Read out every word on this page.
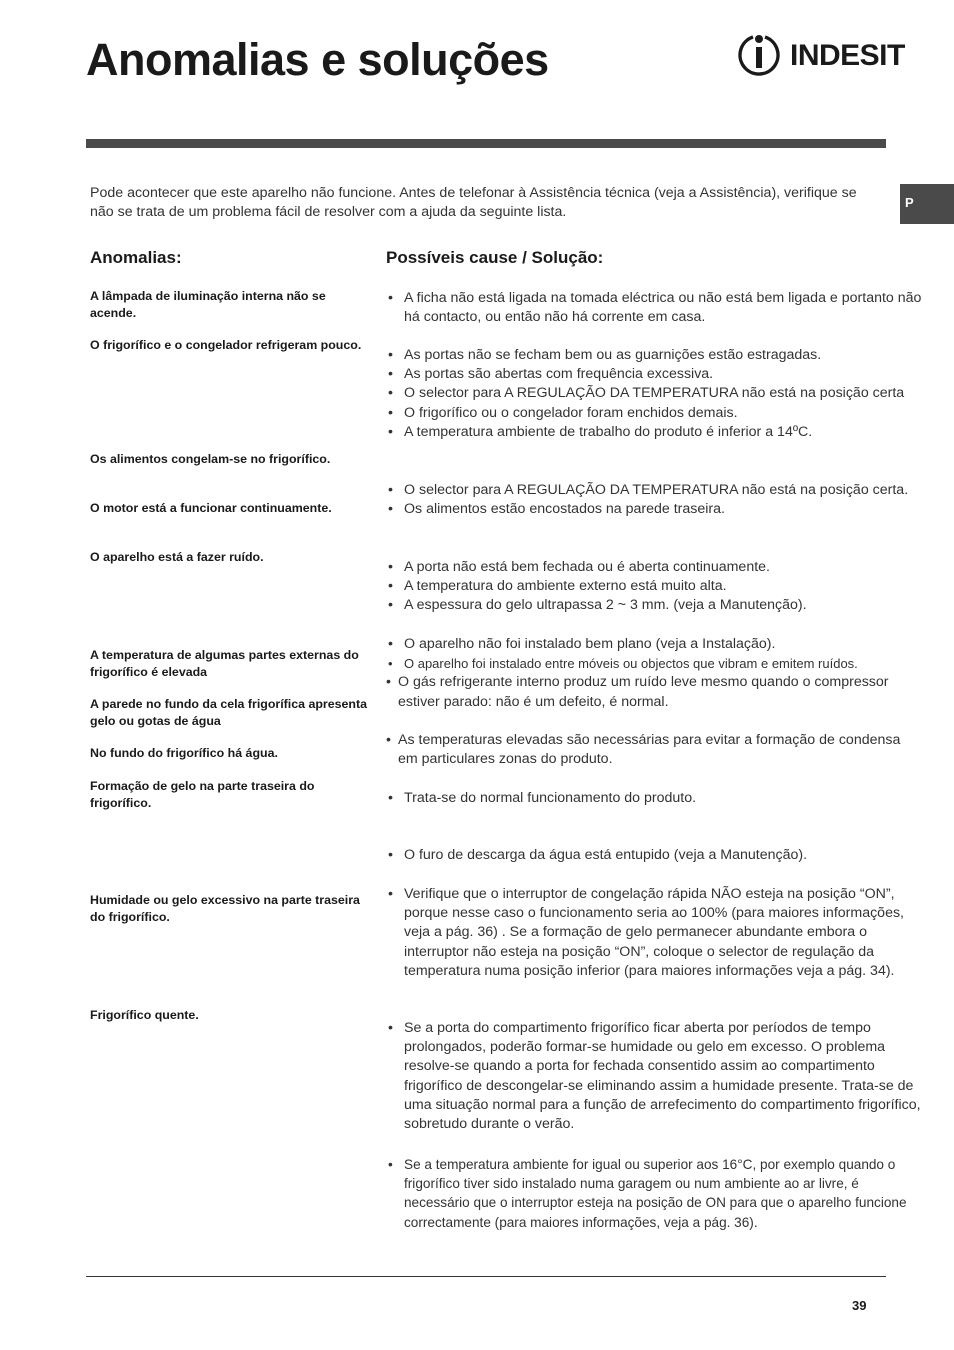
Anomalias e soluções	INDESIT
P

Pode acontecer que este aparelho não funcione. Antes de telefonar à Assistência técnica (veja a Assistência), verifique se não se trata de um problema fácil de resolver com a ajuda da seguinte lista.

Anomalias:	Possíveis cause / Solução:

A lâmpada de iluminação interna não se acende.

O frigorífico e o congelador refrigeram pouco.

Os alimentos congelam-se no frigorífico.

O motor está a funcionar continuamente.

O aparelho está a fazer ruído.

A temperatura de algumas partes externas do frigorífico é elevada

A parede no fundo da cela frigorífica apresenta gelo ou gotas de água

No fundo do frigorífico há água.

Formação de gelo na parte traseira do frigorífico.

Humidade ou gelo excessivo na parte traseira do frigorífico.

Frigorífico quente.

• A ficha não está ligada na tomada eléctrica ou não está bem ligada e portanto não há contacto, ou então não há corrente em casa.

• As portas não se fecham bem ou as guarnições estão estragadas.

• As portas são abertas com frequência excessiva.

• O selector para A REGULAÇÃO DA TEMPERATURA não está na posição certa

• O frigorífico ou o congelador foram enchidos demais.

• A temperatura ambiente de trabalho do produto é inferior a 14ºC.

• O selector para A REGULAÇÃO DA TEMPERATURA não está na posição certa.

• Os alimentos estão encostados na parede traseira.

• A porta não está bem fechada ou é aberta continuamente.

• A temperatura do ambiente externo está muito alta.

• A espessura do gelo ultrapassa 2 ~ 3 mm. (veja a Manutenção).

• O aparelho não foi instalado bem plano (veja a Instalação).

• O aparelho foi instalado entre móveis ou objectos que vibram e emitem ruídos.

• O gás refrigerante interno produz um ruído leve mesmo quando o compressor estiver parado: não é um defeito, é normal.

• As temperaturas elevadas são necessárias para evitar a formação de condensa em particulares zonas do produto.

• Trata-se do normal funcionamento do produto.

• O furo de descarga da água está entupido (veja a Manutenção).

• Verifique que o interruptor de congelação rápida NÃO esteja na posição “ON”, porque nesse caso o funcionamento seria ao 100% (para maiores informações, veja a pág. 36) . Se a formação de gelo permanecer abundante embora o interruptor não esteja na posição “ON”, coloque o selector de regulação da temperatura numa posição inferior (para maiores informações veja a pág. 34).

• Se a porta do compartimento frigorífico ficar aberta por períodos de tempo prolongados, poderão formar-se humidade ou gelo em excesso. O problema resolve-se quando a porta for fechada consentido assim ao compartimento frigorífico de descongelar-se eliminando assim a humidade presente. Trata-se de uma situação normal para a função de arrefecimento do compartimento frigorífico, sobretudo durante o verão.

• Se a temperatura ambiente for igual ou superior aos 16°C, por exemplo quando o frigorífico tiver sido instalado numa garagem ou num ambiente ao ar livre, é necessário que o interruptor esteja na posição de ON para que o aparelho funcione correctamente (para maiores informações, veja a pág. 36).

39
